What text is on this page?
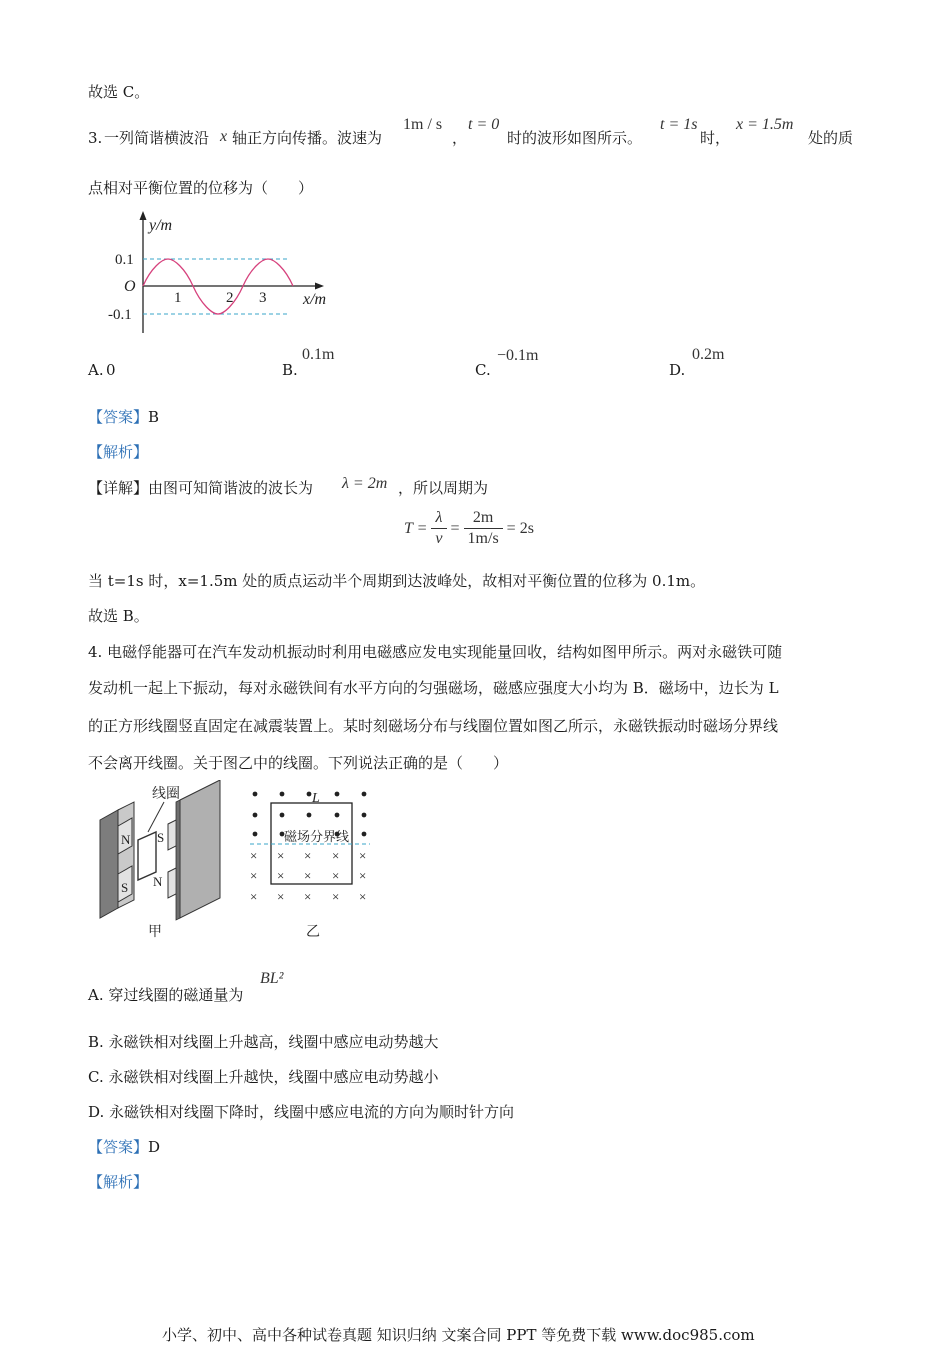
故选 C。
3. 一列简谐横波沿 x 轴正方向传播。波速为
1m / s
，
t = 0
时的波形如图所示。
t = 1s
时，
x = 1.5m
处的质
点相对平衡位置的位移为（　　）
y/m
0.1
-0.1
O
1	2 3 x/m
A. 0	B.
0.1m
C.
−0.1m
D.
0.2m
【答案】B
【解析】
【详解】由图可知简谐波的波长为 λ = 2m ，所以周期为
$T = \frac{\lambda}{v} = \frac{2m}{1m/s} = 2s$
当 t=1s 时，x=1.5m 处的质点运动半个周期到达波峰处，故相对平衡位置的位移为 0.1m。
故选 B。
4. 电磁俘能器可在汽车发动机振动时利用电磁感应发电实现能量回收，结构如图甲所示。两对永磁铁可随
发动机一起上下振动，每对永磁铁间有水平方向的匀强磁场，磁感应强度大小均为 B．磁场中，边长为 L
的正方形线圈竖直固定在减震装置上。某时刻磁场分布与线圈位置如图乙所示，永磁铁振动时磁场分界线
不会离开线圈。关于图乙中的线圈。下列说法正确的是（　　）
N
S
S
N
线圈
甲
× × × × ×
× × × × ×
× × × × ×
磁场分界线
L
乙
A. 穿过线圈的磁通量为
BL²
B. 永磁铁相对线圈上升越高，线圈中感应电动势越大
C. 永磁铁相对线圈上升越快，线圈中感应电动势越小
D. 永磁铁相对线圈下降时，线圈中感应电流的方向为顺时针方向
【答案】D
【解析】
小学、初中、高中各种试卷真题 知识归纳 文案合同 PPT 等免费下载 www.doc985.com
